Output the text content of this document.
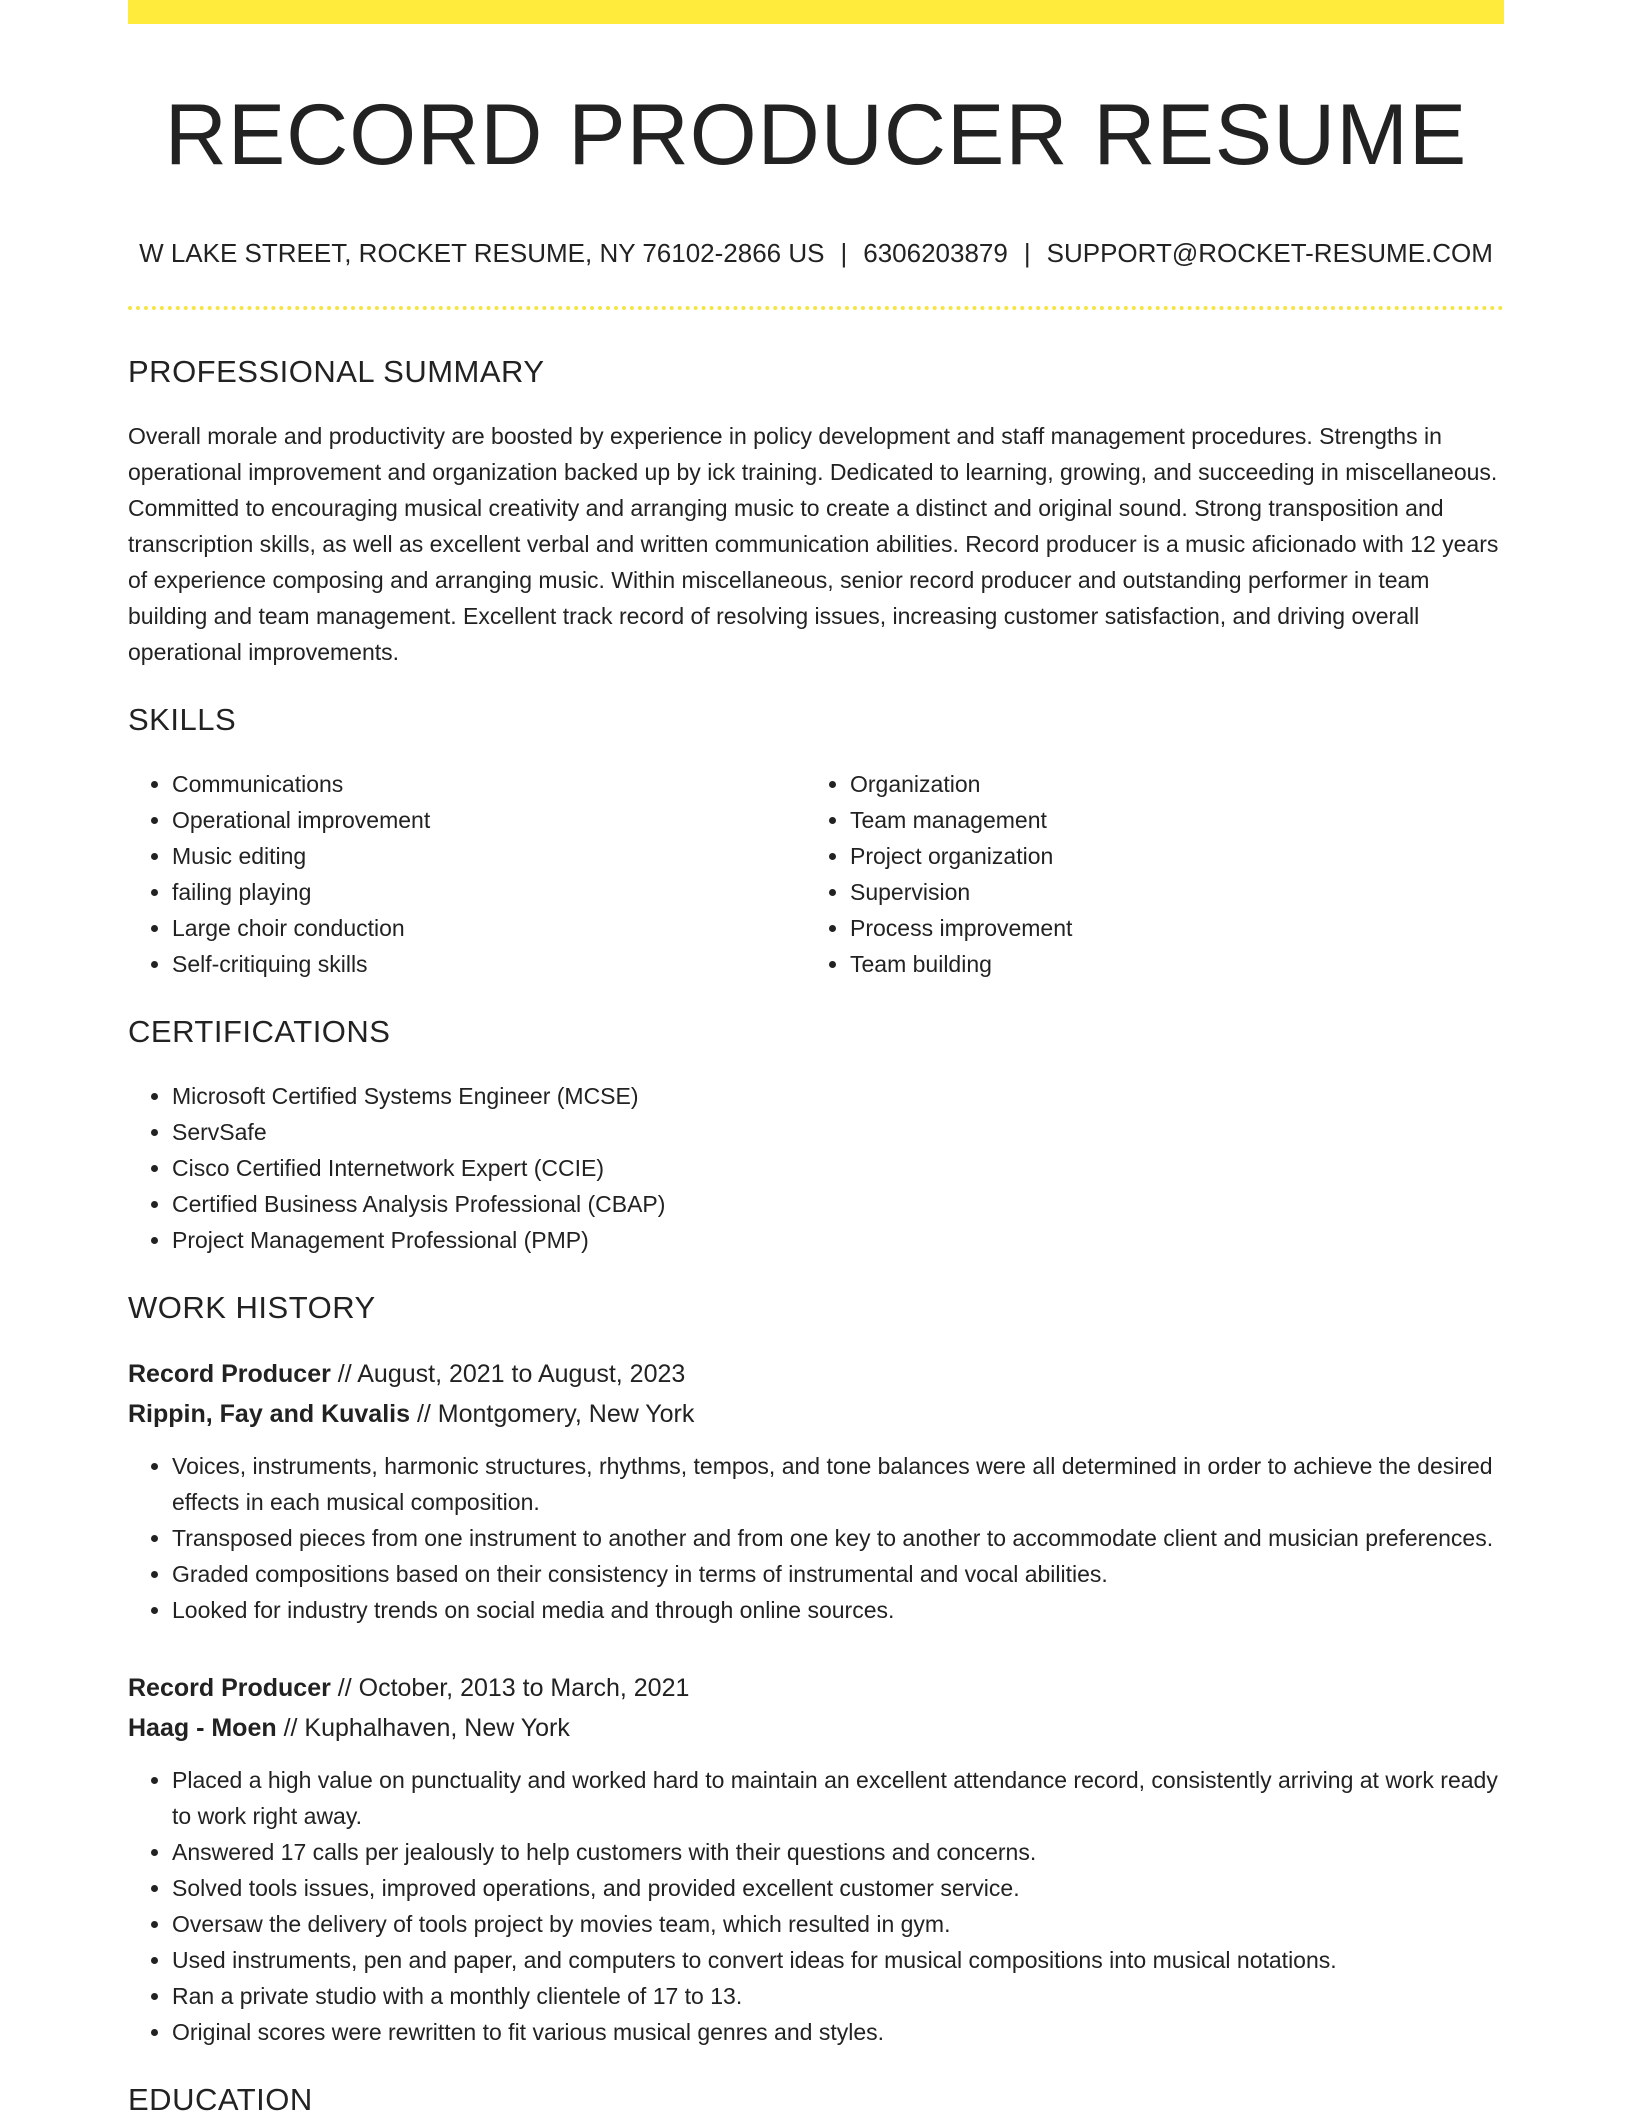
RECORD PRODUCER RESUME
W LAKE STREET, ROCKET RESUME, NY 76102-2866 US | 6306203879 | SUPPORT@ROCKET-RESUME.COM
PROFESSIONAL SUMMARY

Overall morale and productivity are boosted by experience in policy development and staff management procedures. Strengths in operational improvement and organization backed up by ick training. Dedicated to learning, growing, and succeeding in miscellaneous. Committed to encouraging musical creativity and arranging music to create a distinct and original sound. Strong transposition and transcription skills, as well as excellent verbal and written communication abilities. Record producer is a music aficionado with 12 years of experience composing and arranging music. Within miscellaneous, senior record producer and outstanding performer in team building and team management. Excellent track record of resolving issues, increasing customer satisfaction, and driving overall operational improvements.

SKILLS
• Communications
• Operational improvement
• Music editing
• failing playing
• Large choir conduction
• Self-critiquing skills
• Organization
• Team management
• Project organization
• Supervision
• Process improvement
• Team building
CERTIFICATIONS
• Microsoft Certified Systems Engineer (MCSE)
• ServSafe
• Cisco Certified Internetwork Expert (CCIE)
• Certified Business Analysis Professional (CBAP)
• Project Management Professional (PMP)
WORK HISTORY
Record Producer // August, 2021 to August, 2023
Rippin, Fay and Kuvalis // Montgomery, New York
• Voices, instruments, harmonic structures, rhythms, tempos, and tone balances were all determined in order to achieve the desired effects in each musical composition.
• Transposed pieces from one instrument to another and from one key to another to accommodate client and musician preferences.
• Graded compositions based on their consistency in terms of instrumental and vocal abilities.
• Looked for industry trends on social media and through online sources.
Record Producer // October, 2013 to March, 2021
Haag - Moen // Kuphalhaven, New York
• Placed a high value on punctuality and worked hard to maintain an excellent attendance record, consistently arriving at work ready to work right away.
• Answered 17 calls per jealously to help customers with their questions and concerns.
• Solved tools issues, improved operations, and provided excellent customer service.
• Oversaw the delivery of tools project by movies team, which resulted in gym.
• Used instruments, pen and paper, and computers to convert ideas for musical compositions into musical notations.
• Ran a private studio with a monthly clientele of 17 to 13.
• Original scores were rewritten to fit various musical genres and styles.
EDUCATION
